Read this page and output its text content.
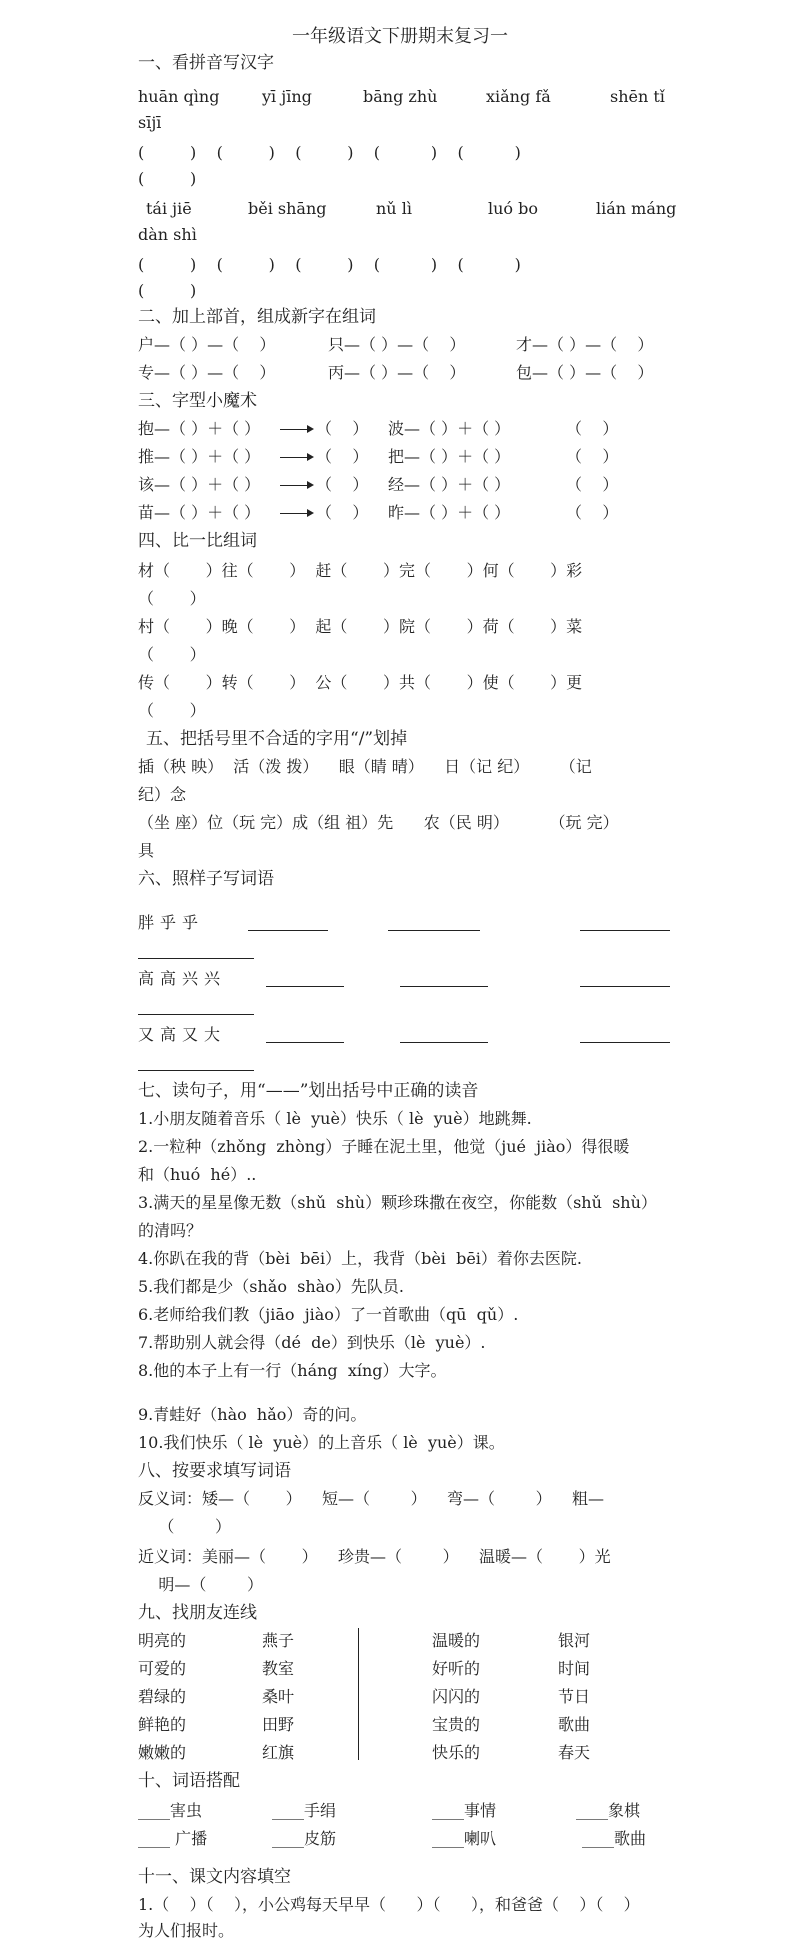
一年级语文下册期末复习一
一、看拼音写汉字
huān qìng	yī jīng	bāng zhù	xiǎng fǎ	shēn tǐ
sījī
(         )    (         )    (         )    (          )    (          )
(         )
tái jiē	běi shāng	nǔ lì	luó bo	lián máng
dàn shì
(         )    (         )    (         )    (          )    (          )
(         )
二、加上部首，组成新字在组词
户—（ ）—（    ）	只—（ ）—（    ）	才—（ ）—（    ）
专—（ ）—（    ）	丙—（ ）—（    ）	包—（ ）—（    ）
三、字型小魔术
抱—（ ）＋（ ）	（    ） 波—（ ）＋（ ）	（    ）
推—（ ）＋（ ）	（    ） 把—（ ）＋（ ）	（    ）
该—（ ）＋（ ）	（    ） 经—（ ）＋（ ）	（    ）
苗—（ ）＋（ ）	（    ） 昨—（ ）＋（ ）	（    ）
四、比一比组词
材（       ）往（       ）  赶（       ）完（       ）何（       ）彩
（       ）
村（       ）晚（       ）  起（       ）院（       ）荷（       ）菜
（       ）
传（       ）转（       ）  公（       ）共（       ）使（       ）更
（       ）
五、把括号里不合适的字用“/”划掉
插（秧 映）  活（泼 拨）    眼（睛 晴）    日（记 纪）      （记
纪）念
（坐 座）位（玩 完）成（组 祖）先      农（民 明）        （玩 完）
具
六、照样子写词语
胖乎乎
高高兴兴
又高又大
七、读句子，用“——”划出括号中正确的读音
1.小朋友随着音乐（ lè  yuè）快乐（ lè  yuè）地跳舞.
2.一粒种（zhǒng  zhòng）子睡在泥土里，他觉（jué  jiào）得很暖
和（huó  hé）..
3.满天的星星像无数（shǔ  shù）颗珍珠撒在夜空，你能数（shǔ  shù）
的清吗？
4.你趴在我的背（bèi  bēi）上，我背（bèi  bēi）着你去医院.
5.我们都是少（shǎo  shào）先队员.
6.老师给我们教（jiāo  jiào）了一首歌曲（qū  qǔ）.
7.帮助别人就会得（dé  de）到快乐（lè  yuè）.
8.他的本子上有一行（háng  xíng）大字。
9.青蛙好（hào  hǎo）奇的问。
10.我们快乐（ lè  yuè）的上音乐（ lè  yuè）课。
八、按要求填写词语
反义词：矮—（       ）    短—（        ）    弯—（        ）    粗—
（        ）
近义词：美丽—（       ）    珍贵—（        ）    温暖—（       ）光
明—（        ）
九、找朋友连线
明亮的	燕子	温暖的	银河
可爱的	教室	好听的	时间
碧绿的	桑叶	闪闪的	节日
鲜艳的	田野	宝贵的	歌曲
嫩嫩的	红旗	快乐的	春天
十、词语搭配
____害虫	____手绢	____事情	____象棋
____ 广播	____皮筋	____喇叭	____歌曲
十一、课文内容填空
1.（    ）（    ），小公鸡每天早早（      ）（      ），和爸爸（    ）（    ）
为人们报时。
